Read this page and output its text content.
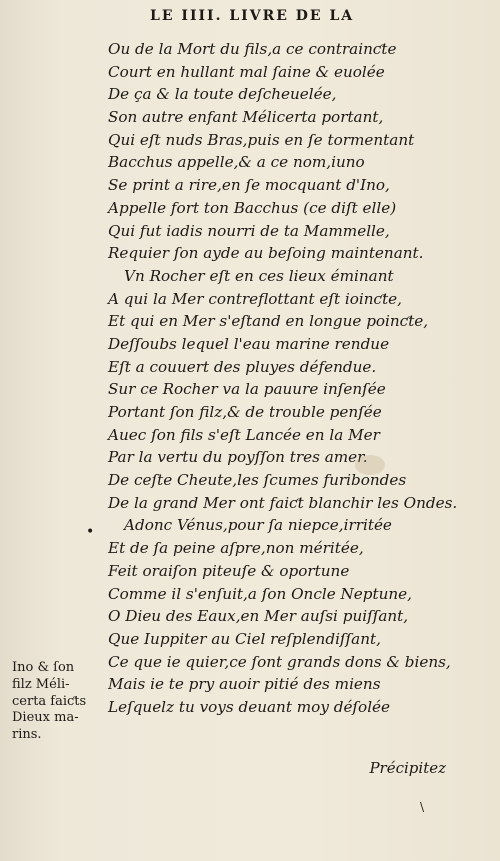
LE IIII. LIVRE DE LA
Ou de la Mort du fils,a ce contrainƈte
Court en hullant mal ſaine & euolée
De ça & la toute deſcheuelée,
Son autre enfant Mélicerta portant,
Qui eſt nuds Bras,puis en ſe tormentant
Bacchus appelle,& a ce nom,iuno
Se print a rire,en ſe mocquant d'Ino,
Appelle fort ton Bacchus (ce diſt elle)
Qui fut iadis nourri de ta Mammelle,
Requier ſon ayde au beſoing maintenant.
Vn Rocher eſt en ces lieux éminant
A qui la Mer contreflottant eſt ioinƈte,
Et qui en Mer s'eſtand en longue poinƈte,
Deſſoubs lequel l'eau marine rendue
Eſt a couuert des pluyes défendue.
Sur ce Rocher va la pauure inſenſée
Portant ſon filz,& de trouble penſée
Auec ſon fils s'eſt Lancée en la Mer
Par la vertu du poyſſon tres amer.
De ceſte Cheute,les ſcumes furibondes
De la grand Mer ont faiƈt blanchir les Ondes.
Adonc Vénus,pour ſa niepce,irritée
Et de ſa peine aſpre,non méritée,
Feit oraiſon piteuſe & oportune
Comme il s'enſuit,a ſon Oncle Neptune,
O Dieu des Eaux,en Mer auſsi puiſſant,
Que Iuppiter au Ciel reſplendiſſant,
Ce que ie quier,ce ſont grands dons & biens,
Mais ie te pry auoir pitié des miens
Leſquelz tu voys deuant moy déſolée
Ino & ſon
filz Méli-
certa faiƈts
Dieux ma-
rins.
•
Précipitez
\
